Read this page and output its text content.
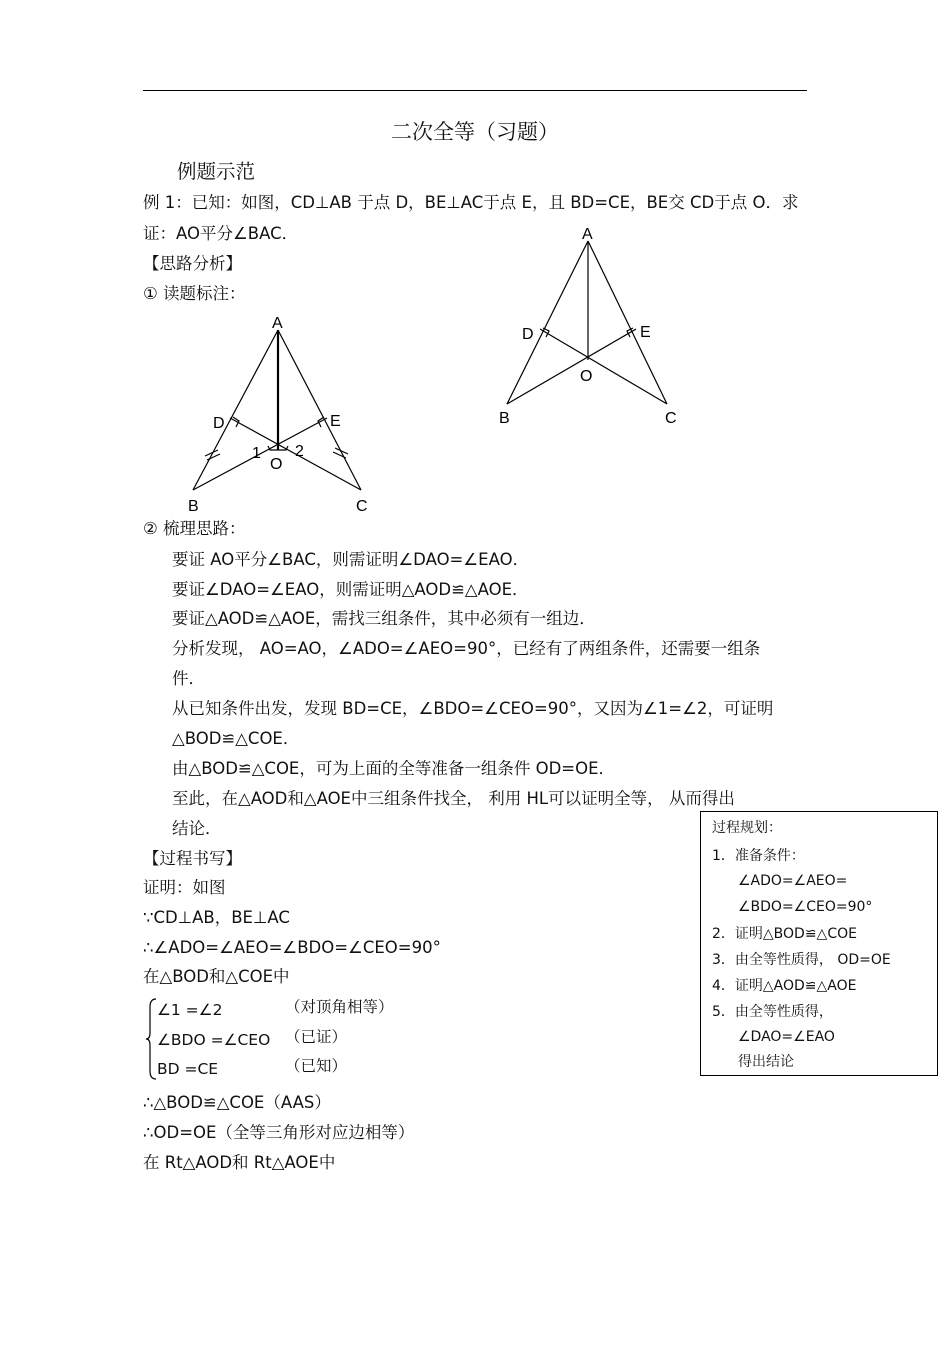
二次全等（习题）
例题示范
例 1：已知：如图，CD⊥AB 于点 D，BE⊥AC于点 E，且 BD=CE，BE交 CD于点 O．求
证：AO平分∠BAC．
【思路分析】
① 读题标注：
A
D	E
O
B	C
A
D	E
1 2
O
B	C
② 梳理思路：
要证 AO平分∠BAC，则需证明∠DAO=∠EAO．
要证∠DAO=∠EAO，则需证明△AOD≌△AOE．
要证△AOD≌△AOE，需找三组条件，其中必须有一组边．
分析发现， AO=AO，∠ADO=∠AEO=90°，已经有了两组条件，还需要一组条
件．
从已知条件出发，发现 BD=CE，∠BDO=∠CEO=90°，又因为∠1=∠2，可证明
△BOD≌△COE．
由△BOD≌△COE，可为上面的全等准备一组条件 OD=OE．
至此，在△AOD和△AOE中三组条件找全， 利用 HL可以证明全等， 从而得出
结论．
【过程书写】
证明：如图
∵CD⊥AB，BE⊥AC
∴∠ADO=∠AEO=∠BDO=∠CEO=90°
在△BOD和△COE中
∠1 =∠2	（对顶角相等）
∠BDO =∠CEO （已证）
BD =CE	（已知）
∴△BOD≌△COE（AAS）
∴OD=OE（全等三角形对应边相等）
在 Rt△AOD和 Rt△AOE中
过程规划：
1．准备条件：
∠ADO=∠AEO=
∠BDO=∠CEO=90°
2．证明△BOD≌△COE
3．由全等性质得， OD=OE
4．证明△AOD≌△AOE
5．由全等性质得，
∠DAO=∠EAO
得出结论
